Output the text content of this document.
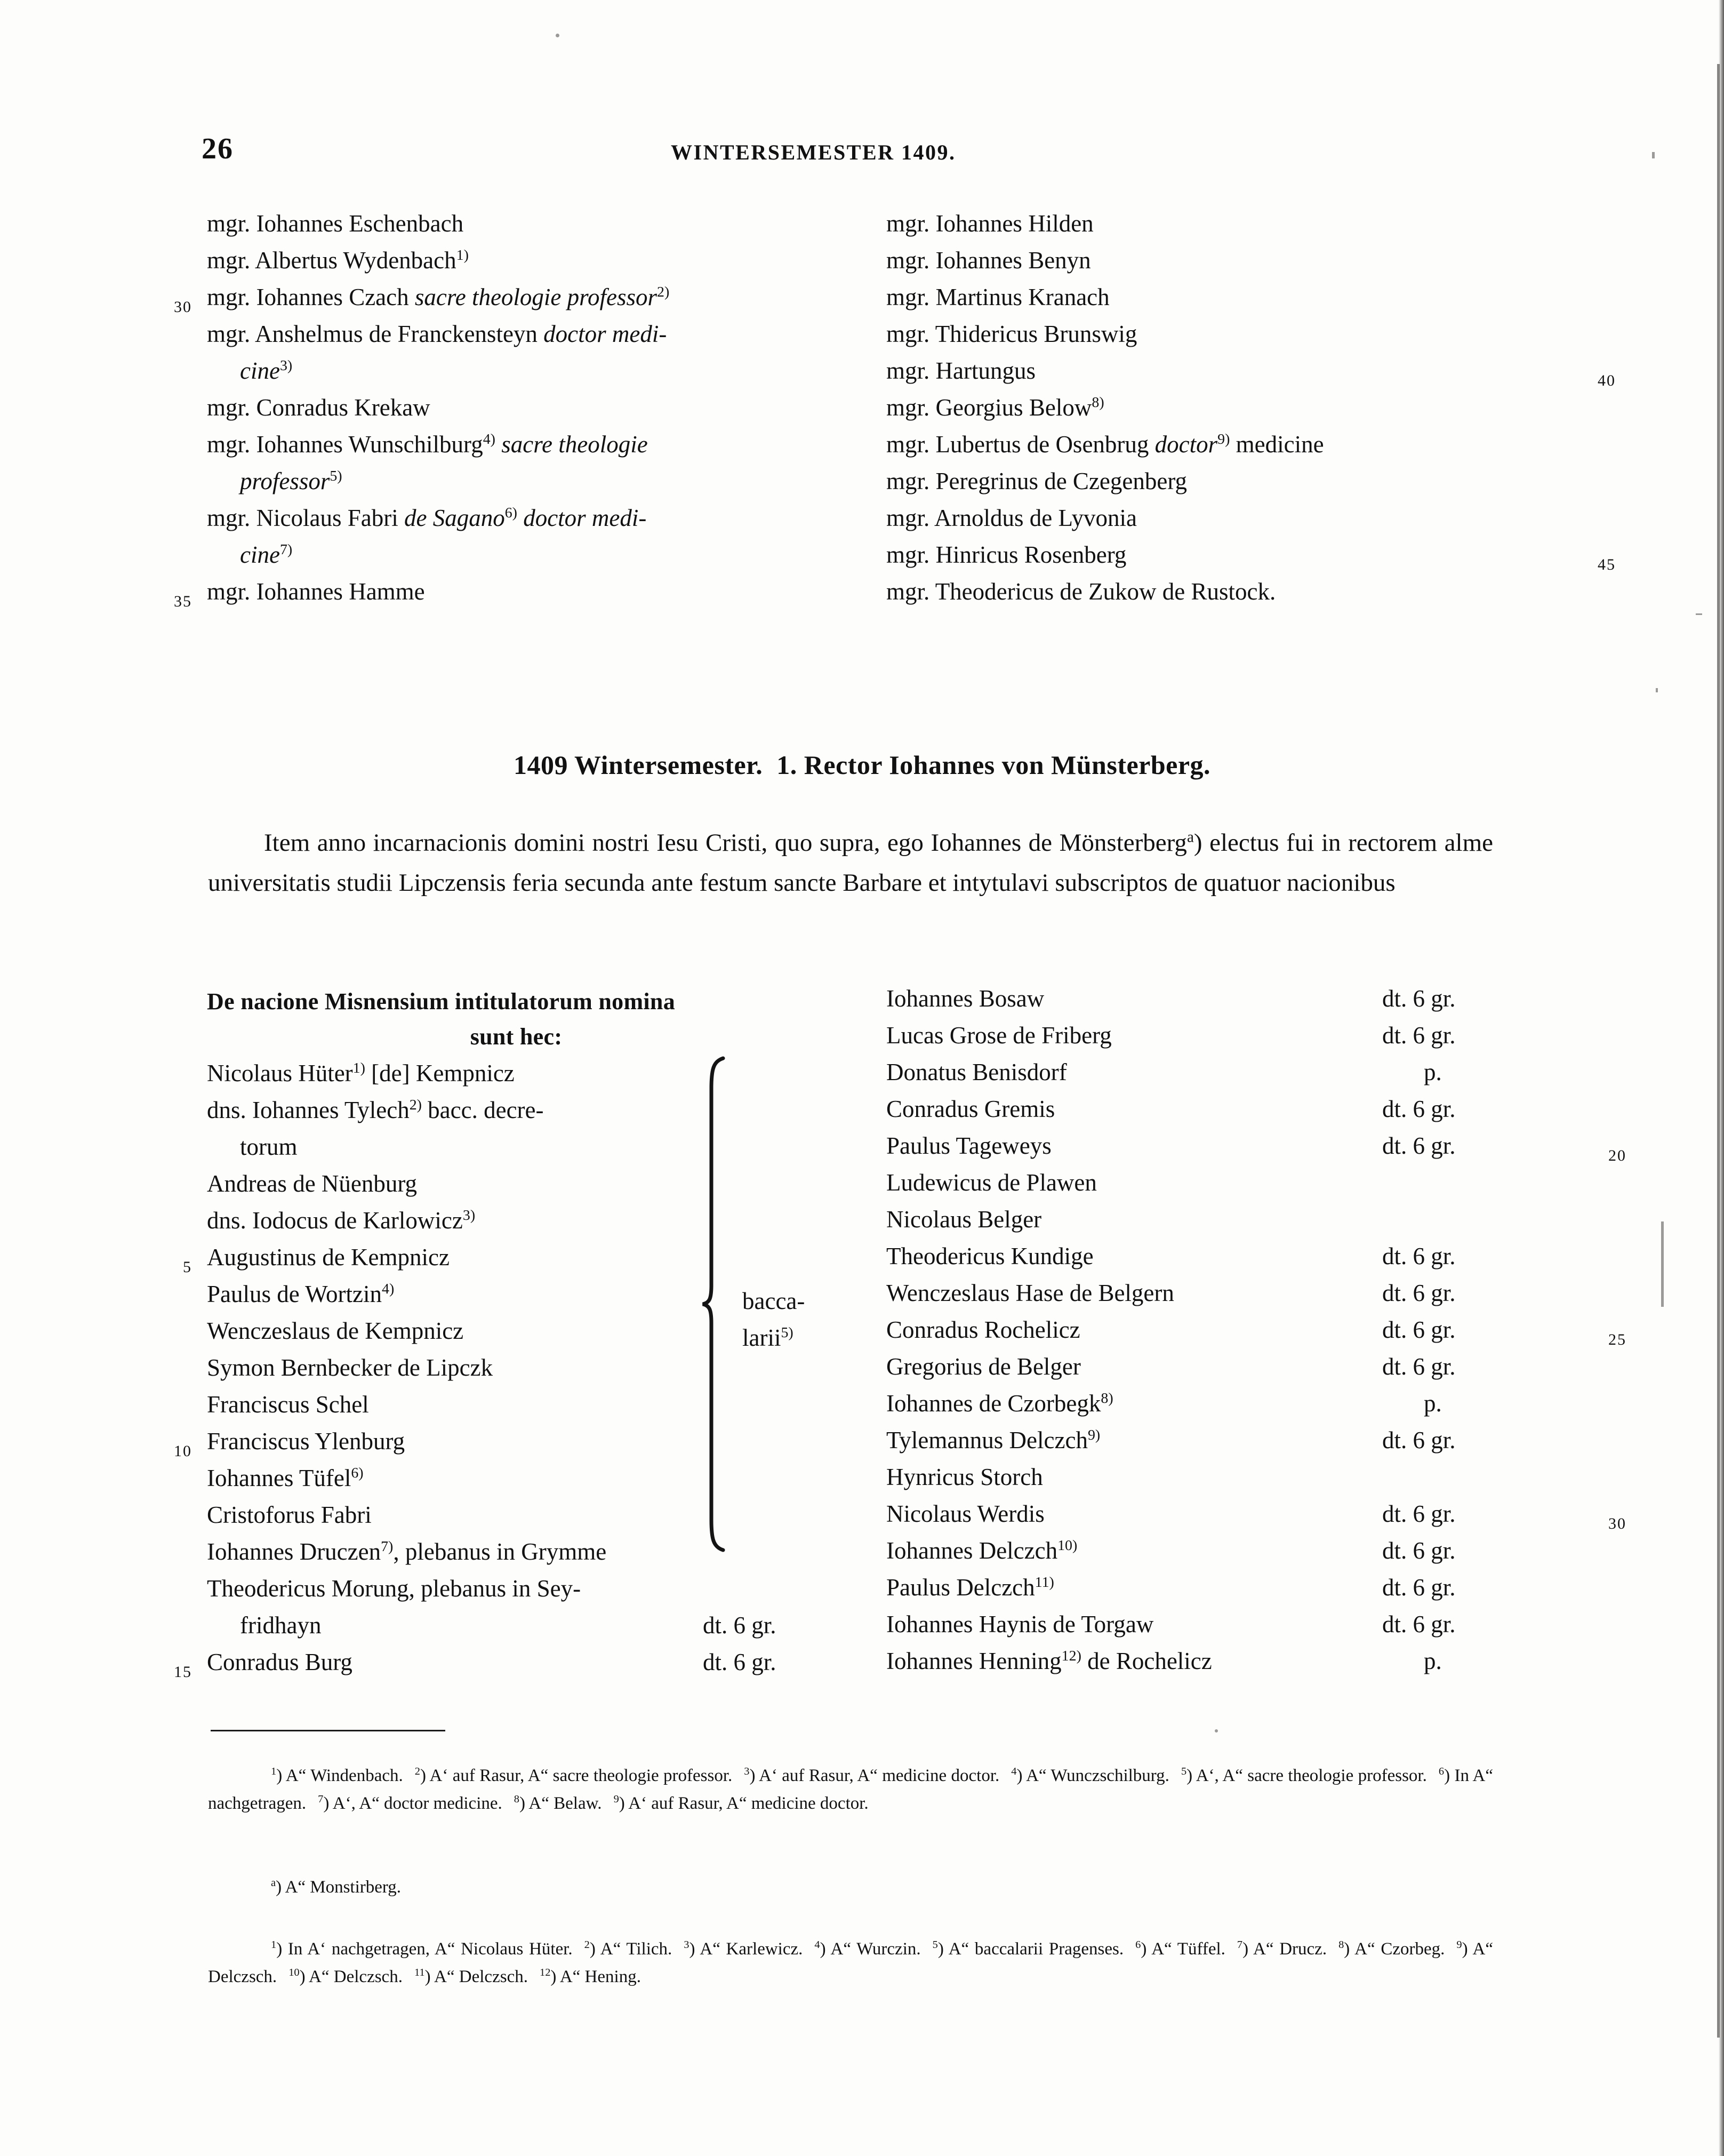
26	WINTERSEMESTER 1409.
mgr. Iohannes Eschenbach
mgr. Albertus Wydenbach$^{1)}$
30 mgr. Iohannes Czach sacre theologie professor$^{2)}$
mgr. Anshelmus de Franckensteyn doctor medi-
cine$^{3)}$
mgr. Conradus Krekaw
mgr. Iohannes Wunschilburg$^{4)}$ sacre theologie
professor$^{5)}$
mgr. Nicolaus Fabri de Sagano$^{6)}$ doctor medi-
cine$^{7)}$
35 mgr. Iohannes Hamme
mgr. Iohannes Hilden
mgr. Iohannes Benyn
mgr. Martinus Kranach
mgr. Thidericus Brunswig
40
mgr. Hartungus
mgr. Georgius Below$^{8)}$
mgr. Lubertus de Osenbrug doctor$^{9)}$ medicine
mgr. Peregrinus de Czegenberg
mgr. Arnoldus de Lyvonia
45
mgr. Hinricus Rosenberg
mgr. Theodericus de Zukow de Rustock.
1409 Wintersemester. 1. Rector Iohannes von Münsterberg.
Item anno incarnacionis domini nostri Iesu Cristi, quo supra, ego Iohannes de Mönsterberg$^a$) electus fui in rectorem alme universitatis studii Lipczensis feria secunda ante festum sancte Barbare et intytulavi subscriptos de quatuor nacionibus
De nacione Misnensium intitulatorum nomina
sunt hec:
bacca-
larii$^{5)}$
Nicolaus Hüter$^{1)}$ [de] Kempnicz
dns. Iohannes Tylech$^{2)}$ bacc. decre-
torum
Andreas de Nüenburg
dns. Iodocus de Karlowicz$^{3)}$
5 Augustinus de Kempnicz
Paulus de Wortzin$^{4)}$
Wenczeslaus de Kempnicz
Symon Bernbecker de Lipczk
Franciscus Schel
10 Franciscus Ylenburg
Iohannes Tüfel$^{6)}$
Cristoforus Fabri
Iohannes Druczen$^{7)}$, plebanus in Grymme
Theodericus Morung, plebanus in Sey-
fridhayn	dt. 6 gr.
15 Conradus Burg	dt. 6 gr.
Iohannes Bosaw	dt. 6 gr.
Lucas Grose de Friberg	dt. 6 gr.
Donatus Benisdorf	p.
Conradus Gremis	dt. 6 gr.
20
Paulus Tageweys	dt. 6 gr.
Ludewicus de Plawen
Nicolaus Belger
Theodericus Kundige	dt. 6 gr.
Wenczeslaus Hase de Belgern	dt. 6 gr.
25
Conradus Rochelicz	dt. 6 gr.
Gregorius de Belger	dt. 6 gr.
Iohannes de Czorbegk$^{8)}$	p.
Tylemannus Delczch$^{9)}$	dt. 6 gr.
Hynricus Storch
30
Nicolaus Werdis	dt. 6 gr.
Iohannes Delczch$^{10)}$	dt. 6 gr.
Paulus Delczch$^{11)}$	dt. 6 gr.
Iohannes Haynis de Torgaw	dt. 6 gr.
Iohannes Henning$^{12)}$ de Rochelicz	p.
$^1$) A“ Windenbach. $^2$) A‘ auf Rasur, A“ sacre theologie professor. $^3$) A‘ auf Rasur, A“ medicine doctor. $^4$) A“ Wunczschilburg. $^5$) A‘, A“ sacre theologie professor. $^6$) In A“ nachgetragen. $^7$) A‘, A“ doctor medicine. $^8$) A“ Belaw. $^9$) A‘ auf Rasur, A“ medicine doctor.
$^a$) A“ Monstirberg.
$^1$) In A‘ nachgetragen, A“ Nicolaus Hüter. $^2$) A“ Tilich. $^3$) A“ Karlewicz. $^4$) A“ Wurczin. $^5$) A“ baccalarii Pragenses. $^6$) A“ Tüffel. $^7$) A“ Drucz. $^8$) A“ Czorbeg. $^9$) A“ Delczsch. $^{10}$) A“ Delczsch. $^{11}$) A“ Delczsch. $^{12}$) A“ Hening.
